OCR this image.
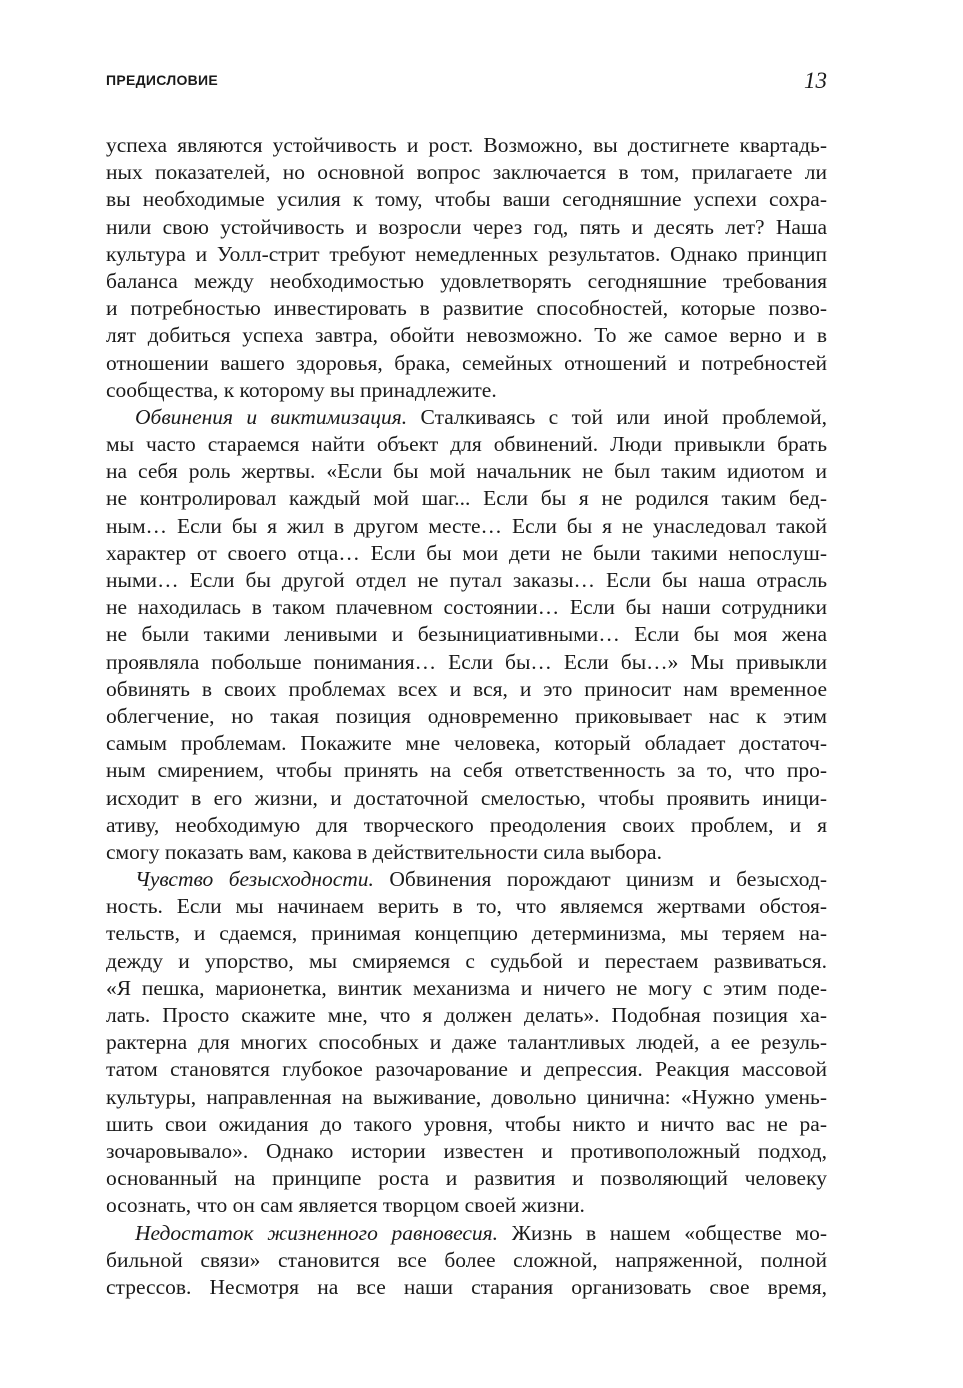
ПРЕДИСЛОВИЕ	13
успеха являются устойчивость и рост. Возможно, вы достигнете квартадь-
ных показателей, но основной вопрос заключается в том, прилагаете ли
вы необходимые усилия к тому, чтобы ваши сегодняшние успехи сохра-
нили свою устойчивость и возросли через год, пять и десять лет? Наша
культура и Уолл-стрит требуют немедленных результатов. Однако принцип
баланса между необходимостью удовлетворять сегодняшние требования
и потребностью инвестировать в развитие способностей, которые позво-
лят добиться успеха завтра, обойти невозможно. То же самое верно и в
отношении вашего здоровья, брака, семейных отношений и потребностей
сообщества, к которому вы принадлежите.
Обвинения и виктимизация. Сталкиваясь с той или иной проблемой,
мы часто стараемся найти объект для обвинений. Люди привыкли брать
на себя роль жертвы. «Если бы мой начальник не был таким идиотом и
не контролировал каждый мой шаг... Если бы я не родился таким бед-
ным… Если бы я жил в другом месте… Если бы я не унаследовал такой
характер от своего отца… Если бы мои дети не были такими непослуш-
ными… Если бы другой отдел не путал заказы… Если бы наша отрасль
не находилась в таком плачевном состоянии… Если бы наши сотрудники
не были такими ленивыми и безынициативными… Если бы моя жена
проявляла побольше понимания… Если бы… Если бы…» Мы привыкли
обвинять в своих проблемах всех и вся, и это приносит нам временное
облегчение, но такая позиция одновременно приковывает нас к этим
самым проблемам. Покажите мне человека, который обладает достаточ-
ным смирением, чтобы принять на себя ответственность за то, что про-
исходит в его жизни, и достаточной смелостью, чтобы проявить иници-
ативу, необходимую для творческого преодоления своих проблем, и я
смогу показать вам, какова в действительности сила выбора.
Чувство безысходности. Обвинения порождают цинизм и безысход-
ность. Если мы начинаем верить в то, что являемся жертвами обстоя-
тельств, и сдаемся, принимая концепцию детерминизма, мы теряем на-
дежду и упорство, мы смиряемся с судьбой и перестаем развиваться.
«Я пешка, марионетка, винтик механизма и ничего не могу с этим поде-
лать. Просто скажите мне, что я должен делать». Подобная позиция ха-
рактерна для многих способных и даже талантливых людей, а ее резуль-
татом становятся глубокое разочарование и депрессия. Реакция массовой
культуры, направленная на выживание, довольно цинична: «Нужно умень-
шить свои ожидания до такого уровня, чтобы никто и ничто вас не ра-
зочаровывало». Однако истории известен и противоположный подход,
основанный на принципе роста и развития и позволяющий человеку
осознать, что он сам является творцом своей жизни.
Недостаток жизненного равновесия. Жизнь в нашем «обществе мо-
бильной связи» становится все более сложной, напряженной, полной
стрессов. Несмотря на все наши старания организовать свое время,
